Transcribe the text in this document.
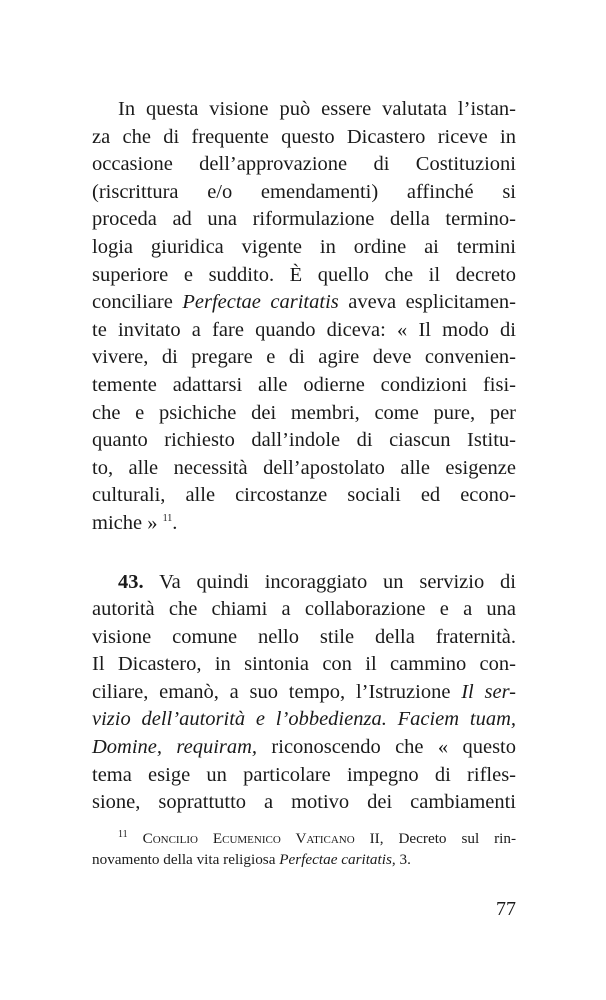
In questa visione può essere valutata l’istan-
za che di frequente questo Dicastero riceve in
occasione dell’approvazione di Costituzioni
(riscrittura e/o emendamenti) affinché si
proceda ad una riformulazione della termino-
logia giuridica vigente in ordine ai termini
superiore e suddito. È quello che il decreto
conciliare Perfectae caritatis aveva esplicitamen-
te invitato a fare quando diceva: « Il modo di
vivere, di pregare e di agire deve convenien-
temente adattarsi alle odierne condizioni fisi-
che e psichiche dei membri, come pure, per
quanto richiesto dall’indole di ciascun Istitu-
to, alle necessità dell’apostolato alle esigenze
culturali, alle circostanze sociali ed econo-
miche » $^{11}$.
43. Va quindi incoraggiato un servizio di
autorità che chiami a collaborazione e a una
visione comune nello stile della fraternità.
Il Dicastero, in sintonia con il cammino con-
ciliare, emanò, a suo tempo, l’Istruzione Il ser-
vizio dell’autorità e l’obbedienza. Faciem tuam,
Domine, requiram, riconoscendo che « questo
tema esige un particolare impegno di rifles-
sione, soprattutto a motivo dei cambiamenti
$^{11}$ Concilio Ecumenico Vaticano II, Decreto sul rin-
novamento della vita religiosa Perfectae caritatis, 3.
77
